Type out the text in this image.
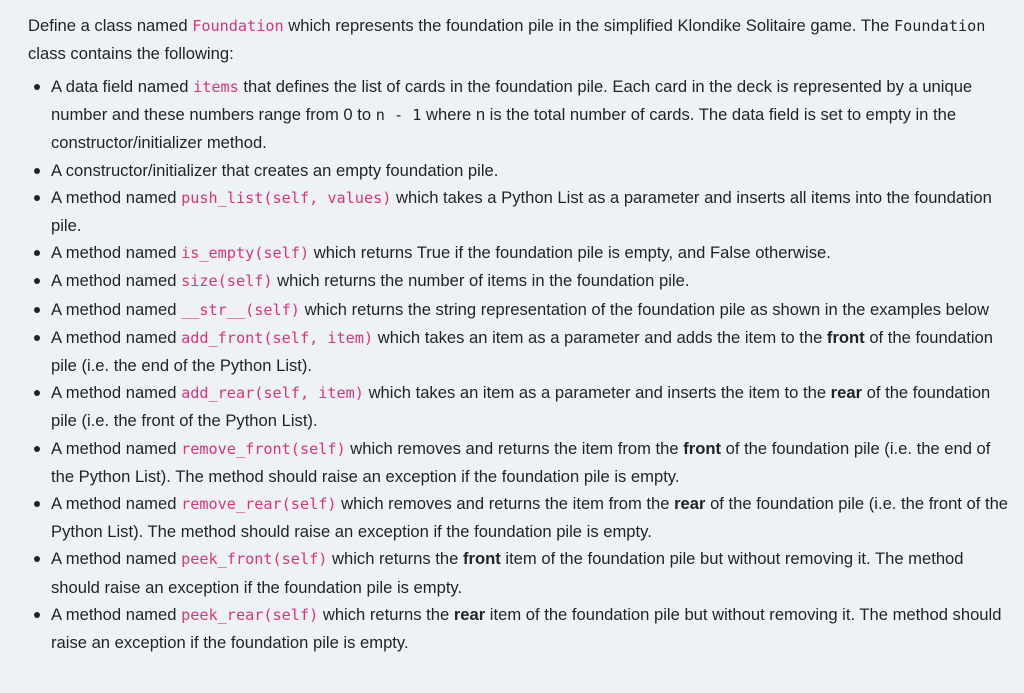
Define a class named Foundation which represents the foundation pile in the simplified Klondike Solitaire game. The Foundation class contains the following:

A data field named items that defines the list of cards in the foundation pile. Each card in the deck is represented by a unique number and these numbers range from 0 to n - 1 where n is the total number of cards. The data field is set to empty in the constructor/initializer method.
A constructor/initializer that creates an empty foundation pile.
A method named push_list(self, values) which takes a Python List as a parameter and inserts all items into the foundation pile.
A method named is_empty(self) which returns True if the foundation pile is empty, and False otherwise.
A method named size(self) which returns the number of items in the foundation pile.
A method named __str__(self) which returns the string representation of the foundation pile as shown in the examples below
A method named add_front(self, item) which takes an item as a parameter and adds the item to the front of the foundation pile (i.e. the end of the Python List).
A method named add_rear(self, item) which takes an item as a parameter and inserts the item to the rear of the foundation pile (i.e. the front of the Python List).
A method named remove_front(self) which removes and returns the item from the front of the foundation pile (i.e. the end of the Python List). The method should raise an exception if the foundation pile is empty.
A method named remove_rear(self) which removes and returns the item from the rear of the foundation pile (i.e. the front of the Python List). The method should raise an exception if the foundation pile is empty.
A method named peek_front(self) which returns the front item of the foundation pile but without removing it. The method should raise an exception if the foundation pile is empty.
A method named peek_rear(self) which returns the rear item of the foundation pile but without removing it. The method should raise an exception if the foundation pile is empty.
